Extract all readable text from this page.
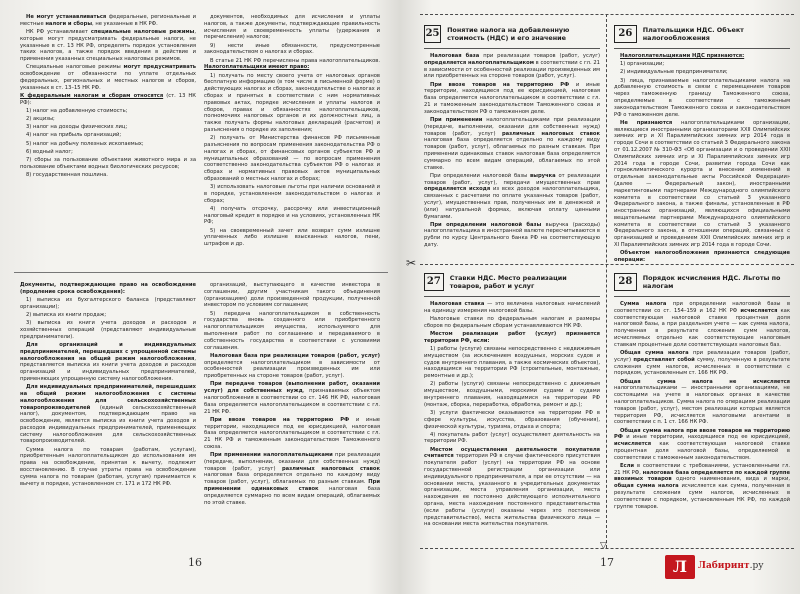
Не могут устанавливаться федеральные, региональные и местные налоги и сборы, не указанные в НК РФ.

НК РФ устанавливает специальные налоговые режимы, которые могут предусматривать федеральные налоги, не указанные в ст. 13 НК РФ, определять порядок установления таких налогов, а также порядок введения в действие и применения указанных специальных налоговых режимов.

Специальные налоговые режимы могут предусматривать освобождение от обязанности по уплате отдельных федеральных, региональных и местных налогов и сборов, указанных в ст. 13–15 НК РФ.

К федеральным налогам и сборам относятся (ст. 13 НК РФ):

1) налог на добавленную стоимость;

2) акцизы;

3) налог на доходы физических лиц;

4) налог на прибыль организаций;

5) налог на добычу полезных ископаемых;

6) водный налог;

7) сборы за пользование объектами животного мира и за пользование объектами водных биологических ресурсов;

8) государственная пошлина.

документов, необходимых для исчисления и уплаты налогов, а также документы, подтверждающие правильность исчисления и своевременность уплаты (удержания и перечисления) налогов;

9) нести иные обязанности, предусмотренные законодательством о налогах и сборах.

В статье 21 НК РФ перечислены права налогоплательщиков. Налогоплательщики имеют право:

1) получать по месту своего учета от налоговых органов бесплатную информацию (в том числе в письменной форме) о действующих налогах и сборах, законодательстве о налогах и сборах и принятых в соответствии с ним нормативных правовых актах, порядке исчисления и уплаты налогов и сборов, правах и обязанностях налогоплательщиков, полномочиях налоговых органов и их должностных лиц, а также получать формы налоговых деклараций (расчетов) и разъяснения о порядке их заполнения;

2) получать от Министерства финансов РФ письменные разъяснения по вопросам применения законодательства РФ о налогах и сборах, от финансовых органов субъектов РФ и муниципальных образований — по вопросам применения соответственно законодательства субъектов РФ о налогах и сборах и нормативных правовых актов муниципальных образований о местных налогах и сборах;

3) использовать налоговые льготы при наличии оснований и в порядке, установленном законодательством о налогах и сборах;

4) получать отсрочку, рассрочку или инвестиционный налоговый кредит в порядке и на условиях, установленных НК РФ;

5) на своевременный зачет или возврат сумм излишне уплаченных либо излишне взысканных налогов, пени, штрафов и др.

Документы, подтверждающие право на освобождение (продление срока освобождения):

1) выписка из бухгалтерского баланса (представляют организации);

2) выписка из книги продаж;

3) выписка из книги учета доходов и расходов и хозяйственных операций (представляют индивидуальные предприниматели).

Для организаций и индивидуальных предпринимателей, перешедших с упрощенной системы налогообложения на общий режим налогообложения, представляется выписка из книги учета доходов и расходов организаций и индивидуальных предпринимателей, применяющих упрощенную систему налогообложения.

Для индивидуальных предпринимателей, перешедших на общий режим налогообложения с системы налогообложения для сельскохозяйственных товаропроизводителей (единый сельскохозяйственный налог), документом, подтверждающим право на освобождение, является выписка из книги учета доходов и расходов индивидуальных предпринимателей, применяющих систему налогообложения для сельскохозяйственных товаропроизводителей.

Сумма налога по товарам (работам, услугам), приобретенным налогоплательщиком до использования им права на освобождение, принятая к вычету, подлежит восстановлению. В случае утраты права на освобождение сумма налога по товарам (работам, услугам) принимается к вычету в порядке, установленном ст. 171 и 172 НК РФ.

организаций, выступающего в качестве инвестора в соглашении, другим участникам такого объединения (организациям) доли произведенной продукции, полученной инвестором по условиям соглашения;

5) передача налогоплательщиком в собственность государства вновь созданного или приобретенного налогоплательщиком имущества, используемого для выполнения работ по соглашению и передаваемого в собственность государства в соответствии с условиями соглашения.

Налоговая база при реализации товаров (работ, услуг) определяется налогоплательщиком в зависимости от особенностей реализации произведенных им или приобретенных на стороне товаров (работ, услуг).

При передаче товаров (выполнении работ, оказании услуг) для собственных нужд, признаваемых объектом налогообложения в соответствии со ст. 146 НК РФ, налоговая база определяется налогоплательщиком в соответствии с гл. 21 НК РФ.

При ввозе товаров на территорию РФ и иные территории, находящиеся под ее юрисдикцией, налоговая база определяется налогоплательщиком в соответствии с гл. 21 НК РФ и таможенным законодательством Таможенного союза.

При применении налогоплательщиками при реализации (передаче, выполнении, оказании для собственных нужд) товаров (работ, услуг) различных налоговых ставок налоговая база определяется отдельно по каждому виду товаров (работ, услуг), облагаемых по разным ставкам. При применении одинаковых ставок налоговая база определяется суммарно по всем видам операций, облагаемых по этой ставке.

16
✂
▽
25 Понятие налога на добавленную стоимость (НДС) и его значение

Налоговая база при реализации товаров (работ, услуг) определяется налогоплательщиком в соответствии с гл. 21 в зависимости от особенностей реализации произведенных им или приобретенных на стороне товаров (работ, услуг).

При ввозе товаров на территорию РФ и иные территории, находящиеся под ее юрисдикцией, налоговая база определяется налогоплательщиком в соответствии с гл. 21 и таможенным законодательством Таможенного союза и законодательством РФ о таможенном деле.

При применении налогоплательщиками при реализации (передаче, выполнении, оказании для собственных нужд) товаров (работ, услуг) различных налоговых ставок налоговая база определяется отдельно по каждому виду товаров (работ, услуг), облагаемых по разным ставкам. При применении одинаковых ставок налоговая база определяется суммарно по всем видам операций, облагаемых по этой ставке.

При определении налоговой базы выручка от реализации товаров (работ, услуг), передачи имущественных прав определяется исходя из всех доходов налогоплательщика, связанных с расчетами по оплате указанных товаров (работ, услуг), имущественных прав, полученных им в денежной и (или) натуральной формах, включая оплату ценными бумагами.

При определении налоговой базы выручка (расходы) налогоплательщика в иностранной валюте пересчитываются в рубли по курсу Центрального банка РФ на соответствующую дату.

26	Плательщики НДС. Объект налогообложения

Налогоплательщиками НДС признаются:

1) организации;

2) индивидуальные предприниматели;

3) лица, признаваемые налогоплательщиками налога на добавленную стоимость в связи с перемещением товаров через таможенную границу Таможенного союза, определяемые в соответствии с таможенным законодательством Таможенного союза и законодательством РФ о таможенном деле.

Не признаются налогоплательщиками организации, являющиеся иностранными организаторами XXII Олимпийских зимних игр и XI Паралимпийских зимних игр 2014 года в городе Сочи в соответствии со статьей 3 Федерального закона от 01.12.2007 № 310-ФЗ «Об организации и о проведении XXII Олимпийских зимних игр и XI Паралимпийских зимних игр 2014 года в городе Сочи, развитии города Сочи как горноклиматического курорта и внесении изменений в отдельные законодательные акты Российской Федерации» (далее — Федеральный закон), иностранными маркетинговыми партнерами Международного олимпийского комитета в соответствии со статьей 3 указанного Федерального закона, а также финалы, установленные в РФ иностранных организаций, являющихся официальными вещательными партнерами Международного олимпийского комитета в соответствии со статьей 3 указанного Федерального закона, в отношении операций, связанных с организацией и проведением XXII Олимпийских зимних игр и XI Паралимпийских зимних игр 2014 года в городе Сочи.

Объектом налогообложения признаются следующие операции:

27	Ставки НДС. Место реализации товаров, работ и услуг

Налоговая ставка — это величина налоговых начислений на единицу измерения налоговой базы.

Налоговые ставки по федеральным налогам и размеры сборов по федеральным сборам устанавливаются НК РФ.

Местом реализации работ (услуг) признается территория РФ, если:

1) работы (услуги) связаны непосредственно с недвижимым имуществом (за исключением воздушных, морских судов и судов внутреннего плавания, а также космических объектов), находящимся на территории РФ (строительные, монтажные, ремонтные и др.);

2) работы (услуги) связаны непосредственно с движимым имуществом, воздушными, морскими судами и судами внутреннего плавания, находящимися на территории РФ (монтаж, сборка, переработка, обработка, ремонт и др.);

3) услуги фактически оказываются на территории РФ в сфере культуры, искусства, образования (обучения), физической культуры, туризма, отдыха и спорта;

4) покупатель работ (услуг) осуществляет деятельность на территории РФ.

Местом осуществления деятельности покупателя считается территория РФ в случае фактического присутствия покупателя работ (услуг) на территории РФ на основе государственной регистрации организации или индивидуального предпринимателя, а при ее отсутствии — на основании места, указанного в учредительных документах организации, места управления организации, места нахождения ее постоянно действующего исполнительного органа, места нахождения постоянного представительства (если работы (услуги) оказаны через это постоянное представительство), места жительства физического лица — на основании места жительства покупателя.

28	Порядок исчисления НДС. Льготы по налогам

Сумма налога при определении налоговой базы в соответствии со ст. 154–159 и 162 НК РФ исчисляется как соответствующая налоговой ставке процентная доля налоговой базы, а при раздельном учете — как сумма налога, полученная в результате сложения сумм налогов, исчисляемых отдельно как соответствующие налоговым ставкам процентные доли соответствующих налоговых баз.

Общая сумма налога при реализации товаров (работ, услуг) представляет собой сумму, полученную в результате сложения сумм налогов, исчисленных в соответствии с порядком, установленным ст. 166 НК РФ.

Общая сумма налога не исчисляется налогоплательщиками — иностранными организациями, не состоящими на учете в налоговых органах в качестве налогоплательщиков. Сумма налога по операциям реализации товаров (работ, услуг), местом реализации которых является территория РФ, исчисляется налоговыми агентами в соответствии с п. 1 ст. 166 НК РФ.

Общая сумма налога при ввозе товаров на территорию РФ и иные территории, находящиеся под ее юрисдикцией, исчисляется как соответствующая налоговой ставке процентная доля налоговой базы, определяемой в соответствии с таможенным законодательством.

Если в соответствии с требованиями, установленными гл. 21 НК РФ, налоговая база определяется по каждой группе ввозимых товаров одного наименования, вида и марки, общая сумма налога исчисляется как сумма, полученная в результате сложения сумм налогов, исчисленных в соответствии с порядком, установленным НК РФ, по каждой группе товаров.

17	Л	Лабиринт.ру
